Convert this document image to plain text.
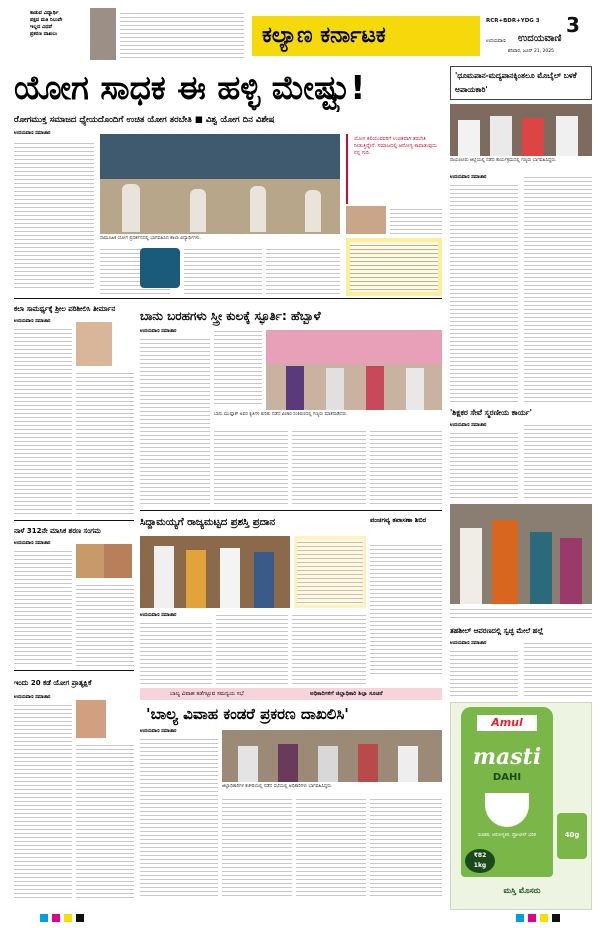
ಕಾಡುವ ವಿದ್ಯಾರ್ಥಿ
ಪಕ್ಷದ ಮತಿ ನಿಲುವೇ
ಇಲ್ಲದ ವಿಧವೆ
ಪ್ರಕರಣ ದಾಖಲು	ಕಲ್ಯಾಣ ಕರ್ನಾಟಕ
RCR+BDR+YDG 3	3
ಉದಯವಾಣಿ	ಉದಯವಾಣಿ
ಶನಿವಾರ, ಜೂನ್ 21, 2025
ಯೋಗ ಸಾಧಕ ಈ ಹಳ್ಳಿ ಮೇಷ್ಟ್ರು!
ರೋಗಮುಕ್ತ ಸಮಾಜದ ಧ್ಯೇಯದೊಂದಿಗೆ ಉಚಿತ ಯೋಗ ತರಬೇತಿ ■ ವಿಶ್ವ ಯೋಗ ದಿನ ವಿಶೇಷ
ಉದಯವಾಣಿ ಸಮಾಚಾರ
ಸಾಮೂಹಿಕ ಯೋಗ ಪ್ರದರ್ಶನದಲ್ಲಿ ಭಾಗವಹಿಸಿದ ಶಾಲಾ ವಿದ್ಯಾರ್ಥಿಗಳು.
ಯೋಗ ಕಲಿಯುವವರಿಗೆ ಉಚಿತವಾಗಿ ತರಬೇತಿ ನೀಡುತ್ತಿದ್ದೇನೆ. ಸಮಾಜದಲ್ಲಿ ಆರೋಗ್ಯ ಕಾಪಾಡುವುದು ನನ್ನ ಗುರಿ.
'ಧೂಮಪಾನ-ಮದ್ಯಪಾನಕ್ಕಿಂತಲೂ ಮೊಬೈಲ್ ಬಳಕೆ ಅಪಾಯಕಾರಿ'
ರಾಯಚೂರು ಜಿಲ್ಲೆಯಲ್ಲಿ ನಡೆದ ಕಾರ್ಯಕ್ರಮದಲ್ಲಿ ಗಣ್ಯರು ಭಾಗವಹಿಸಿದ್ದರು.
ಉದಯವಾಣಿ ಸಮಾಚಾರ
'ಶಿಕ್ಷಕರ ಸೇವೆ ಸ್ಮರಣೀಯ ಕಾರ್ಯ'
ಉದಯವಾಣಿ ಸಮಾಚಾರ
ತಹಶೀಲ್ ಆವರಣದಲ್ಲಿ ಸ್ವಚ್ಛ ಮೇಲೆ ಹಲ್ಲೆ
ಉದಯವಾಣಿ ಸಮಾಚಾರ
ಕಲಾ ಸಾಮರ್ಥ್ಯಕ್ಕೆ ಶ್ರೀಲ ಪರಿಶೀಲಿಸಿ ತೀರ್ಮಾನ
ಉದಯವಾಣಿ ಸಮಾಚಾರ
ನಾಳೆ 312ನೇ ಮಾಸಿಕ ಶರಣ ಸಂಗಮ
ಉದಯವಾಣಿ ಸಮಾಚಾರ
ಇಂದು 20 ಕಡೆ ಯೋಗ ಪ್ರಾತ್ಯಕ್ಷಿಕೆ
ಉದಯವಾಣಿ ಸಮಾಚಾರ
ಬಾನು ಬರಹಗಳು ಸ್ತ್ರೀ ಕುಲಕ್ಕೆ ಸ್ಫೂರ್ತಿ: ಹೆಬ್ಬಾಳೆ
ಉದಯವಾಣಿ ಸಮಾಚಾರ
ಬಾನು ಮುಷ್ತಾಕ್ ಅವರ ಕೃತಿಗಳ ಕುರಿತು ನಡೆದ ವಿಚಾರ ಸಂಕಿರಣದಲ್ಲಿ ಗಣ್ಯರು ಮಾತನಾಡಿದರು.
ಸಿದ್ದಾಮಯ್ಯಗೆ ರಾಜ್ಯಮಟ್ಟದ ಪ್ರಶಸ್ತಿ ಪ್ರದಾನ	ಪಂಚಗವ್ಯ ತಪಾಸಣಾ ಶಿಬಿರ
ಉದಯವಾಣಿ ಸಮಾಚಾರ
ಬಾಲ್ಯ ವಿವಾಹ ತಡೆಗಟ್ಟುವ ಸಮನ್ವಯ ಸಭೆ	ಅಧಿಕಾರಿಗಳಿಗೆ ಜಿಲ್ಲಾಧಿಕಾರಿ ಶಿಲ್ಪಾ ಸೂಚನೆ
'ಬಾಲ್ಯ ವಿವಾಹ ಕಂಡರೆ ಪ್ರಕರಣ ದಾಖಲಿಸಿ'
ಉದಯವಾಣಿ ಸಮಾಚಾರ
ಜಿಲ್ಲಾಧಿಕಾರಿಗಳ ಕಚೇರಿಯಲ್ಲಿ ನಡೆದ ಸಭೆಯಲ್ಲಿ ಅಧಿಕಾರಿಗಳು ಭಾಗವಹಿಸಿದ್ದರು.
Amul
masti
DAHI
ರುಚಿಕರ, ಆರೋಗ್ಯಕರ, ಪ್ರೋಟೀನ್ ಭರಿತ
₹82
1kg
40g
ಮಸ್ತಿ ಮೊಸರು
